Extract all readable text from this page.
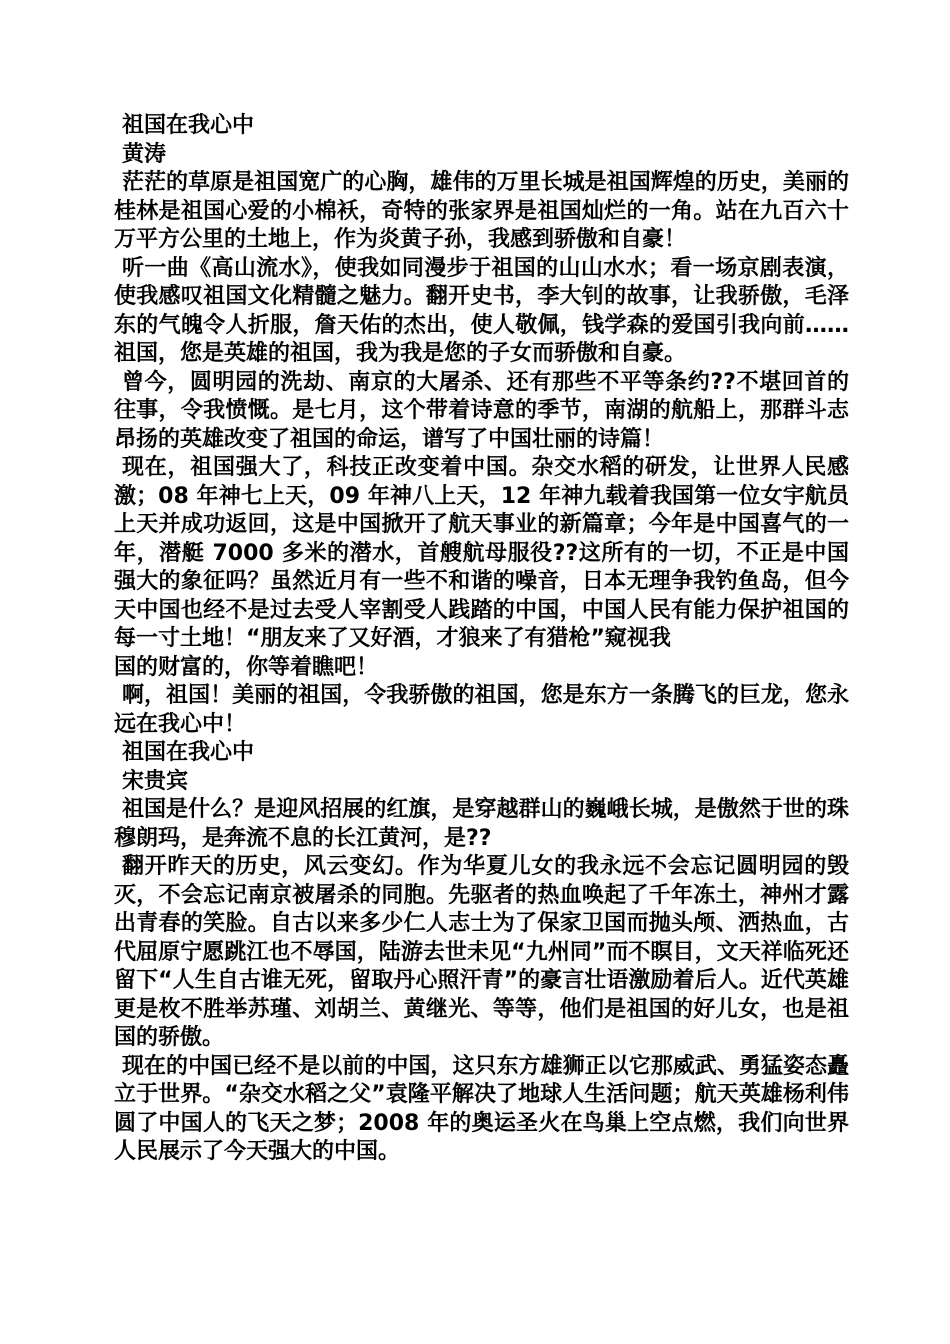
祖国在我心中
黄涛
茫茫的草原是祖国宽广的心胸，雄伟的万里长城是祖国辉煌的历史，美丽的桂林是祖国心爱的小棉袄，奇特的张家界是祖国灿烂的一角。站在九百六十万平方公里的土地上，作为炎黄子孙，我感到骄傲和自豪！
听一曲《高山流水》，使我如同漫步于祖国的山山水水；看一场京剧表演，使我感叹祖国文化精髓之魅力。翻开史书，李大钊的故事，让我骄傲，毛泽东的气魄令人折服，詹天佑的杰出，使人敬佩，钱学森的爱国引我向前……祖国，您是英雄的祖国，我为我是您的子女而骄傲和自豪。
曾今，圆明园的洗劫、南京的大屠杀、还有那些不平等条约??不堪回首的往事，令我愤慨。是七月，这个带着诗意的季节，南湖的航船上，那群斗志昂扬的英雄改变了祖国的命运，谱写了中国壮丽的诗篇！
现在，祖国强大了，科技正改变着中国。杂交水稻的研发，让世界人民感激；08 年神七上天，09 年神八上天，12 年神九载着我国第一位女宇航员上天并成功返回，这是中国掀开了航天事业的新篇章；今年是中国喜气的一年，潜艇 7000 多米的潜水，首艘航母服役??这所有的一切，不正是中国强大的象征吗？虽然近月有一些不和谐的噪音，日本无理争我钓鱼岛，但今天中国也经不是过去受人宰割受人践踏的中国，中国人民有能力保护祖国的每一寸土地！“朋友来了又好酒，才狼来了有猎枪”窥视我
国的财富的，你等着瞧吧！
啊，祖国！美丽的祖国，令我骄傲的祖国，您是东方一条腾飞的巨龙，您永远在我心中！
祖国在我心中
宋贵宾
祖国是什么？是迎风招展的红旗，是穿越群山的巍峨长城，是傲然于世的珠穆朗玛，是奔流不息的长江黄河，是??
翻开昨天的历史，风云变幻。作为华夏儿女的我永远不会忘记圆明园的毁灭，不会忘记南京被屠杀的同胞。先驱者的热血唤起了千年冻土，神州才露出青春的笑脸。自古以来多少仁人志士为了保家卫国而抛头颅、洒热血，古代屈原宁愿跳江也不辱国，陆游去世未见“九州同”而不瞑目，文天祥临死还留下“人生自古谁无死，留取丹心照汗青”的豪言壮语激励着后人。近代英雄更是枚不胜举苏瑾、刘胡兰、黄继光、等等，他们是祖国的好儿女，也是祖国的骄傲。
现在的中国已经不是以前的中国，这只东方雄狮正以它那威武、勇猛姿态矗立于世界。“杂交水稻之父”袁隆平解决了地球人生活问题；航天英雄杨利伟圆了中国人的飞天之梦；2008 年的奥运圣火在鸟巢上空点燃，我们向世界人民展示了今天强大的中国。
